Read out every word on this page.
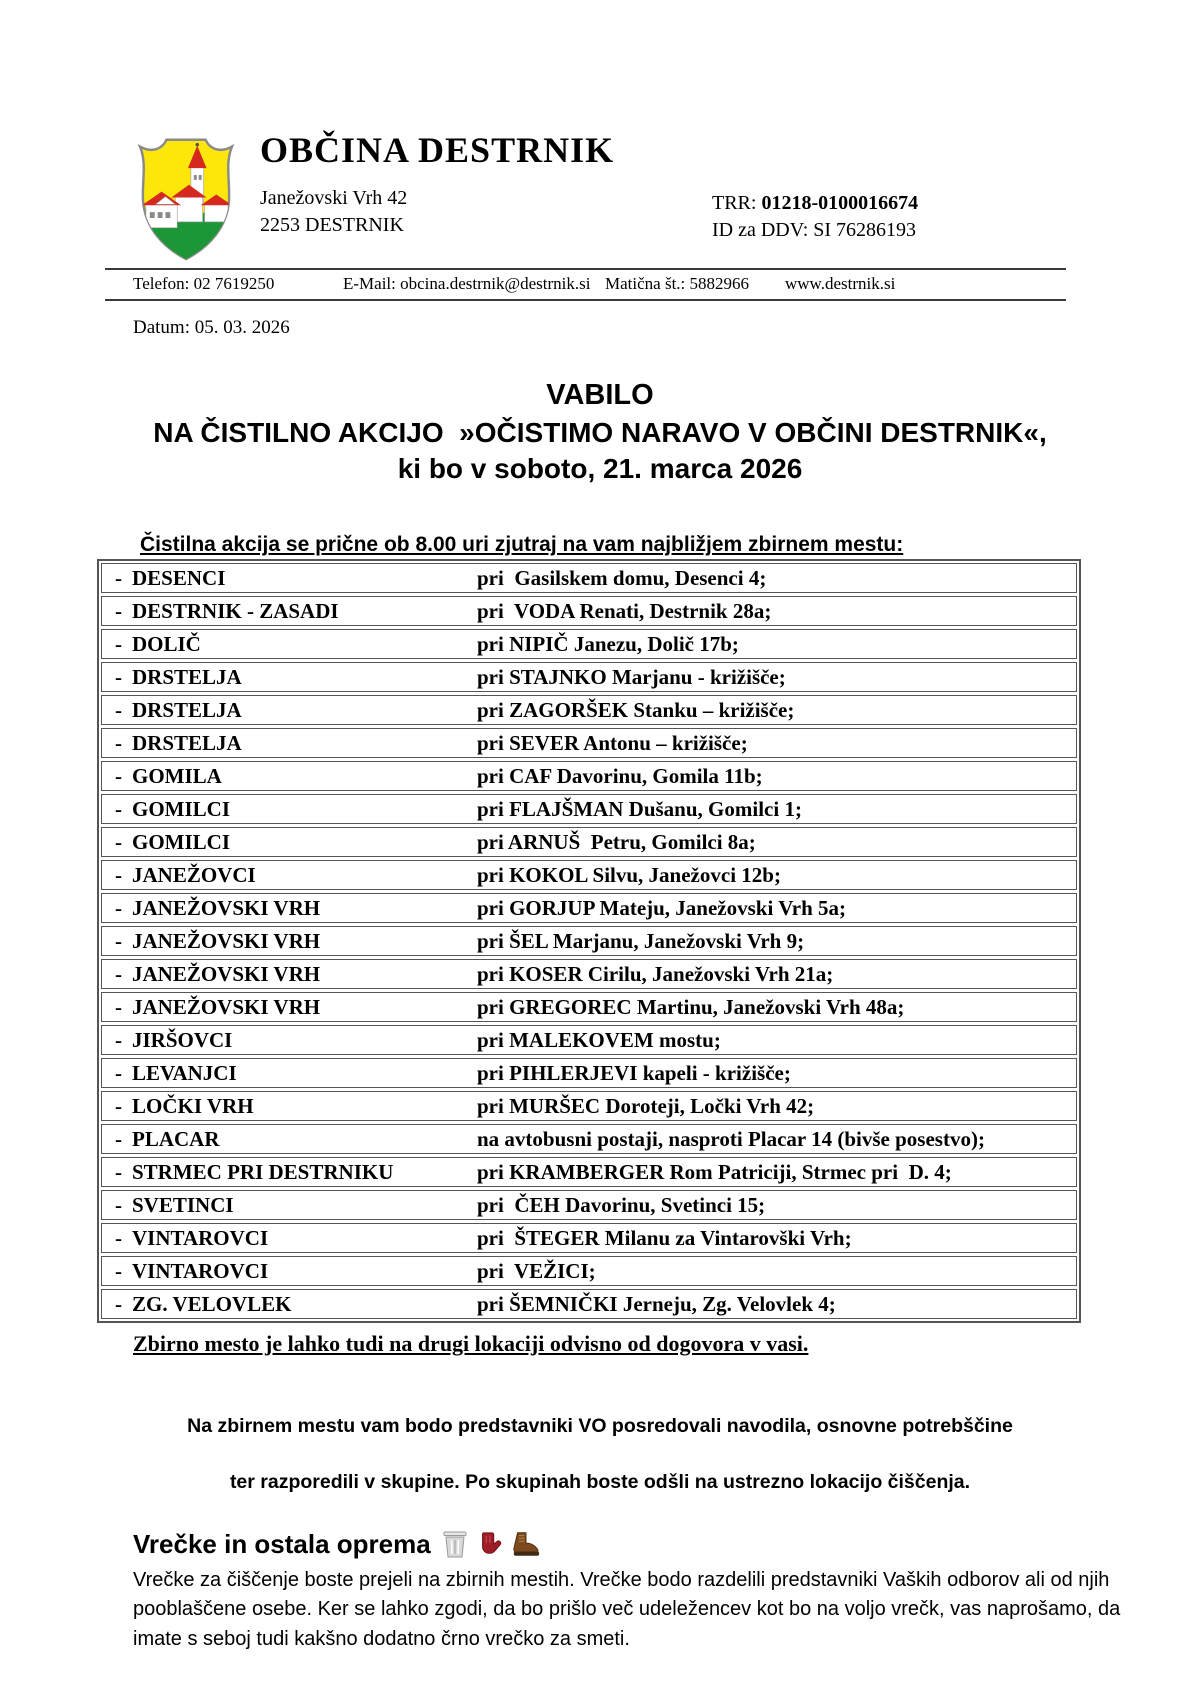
OBČINA DESTRNIK
Janežovski Vrh 42
2253 DESTRNIK
TRR: 01218-0100016674
ID za DDV: SI 76286193
Telefon: 02 7619250	E-Mail: obcina.destrnik@destrnik.si Matična št.: 5882966	www.destrnik.si
Datum: 05. 03. 2026
VABILO
NA ČISTILNO AKCIJO  »OČISTIMO NARAVO V OBČINI DESTRNIK«,
ki bo v soboto, 21. marca 2026
Čistilna akcija se prične ob 8.00 uri zjutraj na vam najbližjem zbirnem mestu:
- DESENCI	pri  Gasilskem domu, Desenci 4;
- DESTRNIK - ZASADI	pri  VODA Renati, Destrnik 28a;
- DOLIČ	pri NIPIČ Janezu, Dolič 17b;
- DRSTELJA	pri STAJNKO Marjanu - križišče;
- DRSTELJA	pri ZAGORŠEK Stanku – križišče;
- DRSTELJA	pri SEVER Antonu – križišče;
- GOMILA	pri CAF Davorinu, Gomila 11b;
- GOMILCI	pri FLAJŠMAN Dušanu, Gomilci 1;
- GOMILCI	pri ARNUŠ  Petru, Gomilci 8a;
- JANEŽOVCI	pri KOKOL Silvu, Janežovci 12b;
- JANEŽOVSKI VRH	pri GORJUP Mateju, Janežovski Vrh 5a;
- JANEŽOVSKI VRH	pri ŠEL Marjanu, Janežovski Vrh 9;
- JANEŽOVSKI VRH	pri KOSER Cirilu, Janežovski Vrh 21a;
- JANEŽOVSKI VRH	pri GREGOREC Martinu, Janežovski Vrh 48a;
- JIRŠOVCI	pri MALEKOVEM mostu;
- LEVANJCI	pri PIHLERJEVI kapeli - križišče;
- LOČKI VRH	pri MURŠEC Doroteji, Ločki Vrh 42;
- PLACAR	na avtobusni postaji, nasproti Placar 14 (bivše posestvo);
- STRMEC PRI DESTRNIKU	pri KRAMBERGER Rom Patriciji, Strmec pri  D. 4;
- SVETINCI	pri  ČEH Davorinu, Svetinci 15;
- VINTAROVCI	pri  ŠTEGER Milanu za Vintarovški Vrh;
- VINTAROVCI	pri  VEŽICI;
- ZG. VELOVLEK	pri ŠEMNIČKI Jerneju, Zg. Velovlek 4;
Zbirno mesto je lahko tudi na drugi lokaciji odvisno od dogovora v vasi.

Na zbirnem mestu vam bodo predstavniki VO posredovali navodila, osnovne potrebščine

ter razporedili v skupine. Po skupinah boste odšli na ustrezno lokacijo čiščenja.

Vrečke in ostala oprema
Vrečke za čiščenje boste prejeli na zbirnih mestih. Vrečke bodo razdelili predstavniki Vaških odborov ali od njih pooblaščene osebe. Ker se lahko zgodi, da bo prišlo več udeležencev kot bo na voljo vrečk, vas naprošamo, da imate s seboj tudi kakšno dodatno črno vrečko za smeti.
